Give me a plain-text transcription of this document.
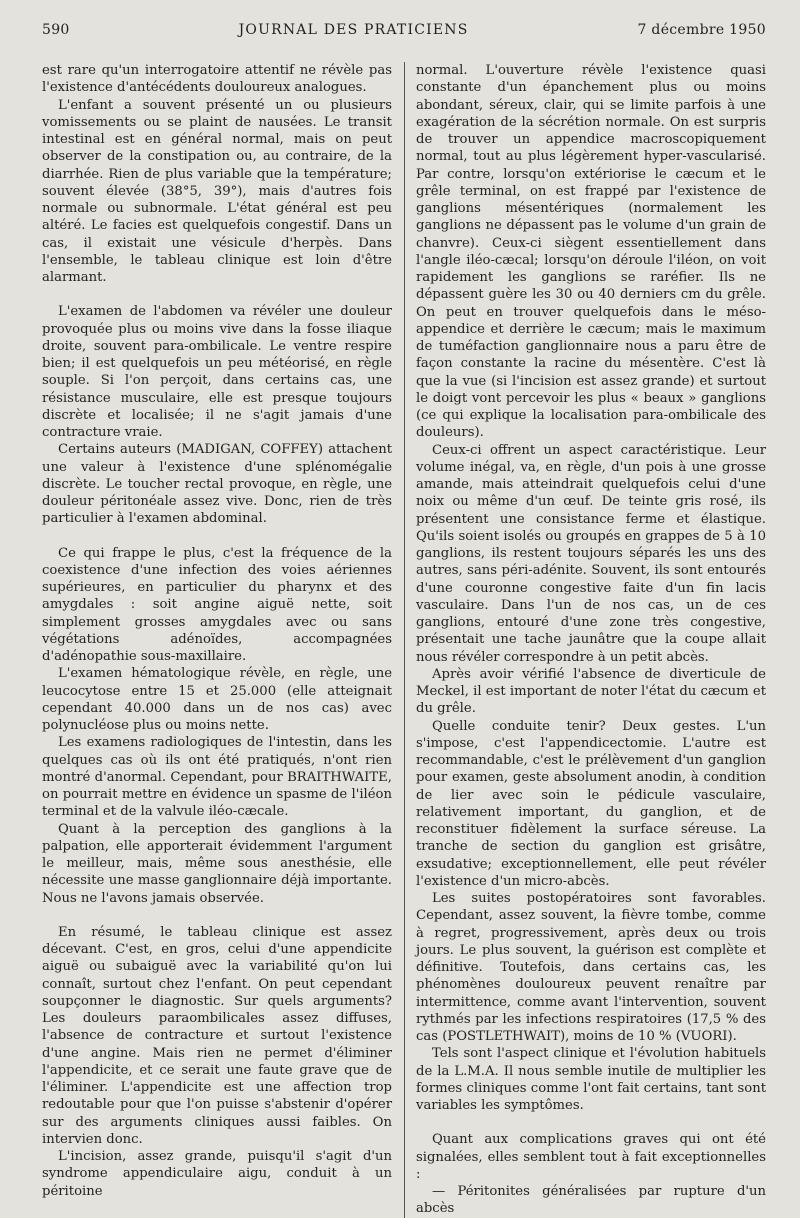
590	JOURNAL DES PRATICIENS	7 décembre 1950

est rare qu'un interrogatoire attentif ne révèle pas l'existence d'antécédents douloureux analogues.

L'enfant a souvent présenté un ou plusieurs vomissements ou se plaint de nausées. Le transit intestinal est en général normal, mais on peut observer de la constipation ou, au contraire, de la diarrhée. Rien de plus variable que la température; souvent élevée (38°5, 39°), mais d'autres fois normale ou subnormale. L'état général est peu altéré. Le facies est quelquefois congestif. Dans un cas, il existait une vésicule d'herpès. Dans l'ensemble, le tableau clinique est loin d'être alarmant.

L'examen de l'abdomen va révéler une douleur provoquée plus ou moins vive dans la fosse iliaque droite, souvent para-ombilicale. Le ventre respire bien; il est quelquefois un peu météorisé, en règle souple. Si l'on perçoit, dans certains cas, une résistance musculaire, elle est presque toujours discrète et localisée; il ne s'agit jamais d'une contracture vraie.

Certains auteurs (MADIGAN, COFFEY) attachent une valeur à l'existence d'une splénomégalie discrète. Le toucher rectal provoque, en règle, une douleur péritonéale assez vive. Donc, rien de très particulier à l'examen abdominal.

Ce qui frappe le plus, c'est la fréquence de la coexistence d'une infection des voies aériennes supérieures, en particulier du pharynx et des amygdales : soit angine aiguë nette, soit simplement grosses amygdales avec ou sans végétations adénoïdes, accompagnées d'adénopathie sous-maxillaire.

L'examen hématologique révèle, en règle, une leucocytose entre 15 et 25.000 (elle atteignait cependant 40.000 dans un de nos cas) avec polynucléose plus ou moins nette.

Les examens radiologiques de l'intestin, dans les quelques cas où ils ont été pratiqués, n'ont rien montré d'anormal. Cependant, pour BRAITHWAITE, on pourrait mettre en évidence un spasme de l'iléon terminal et de la valvule iléo-cæcale.

Quant à la perception des ganglions à la palpation, elle apporterait évidemment l'argument le meilleur, mais, même sous anesthésie, elle nécessite une masse ganglionnaire déjà importante. Nous ne l'avons jamais observée.

En résumé, le tableau clinique est assez décevant. C'est, en gros, celui d'une appendicite aiguë ou subaiguë avec la variabilité qu'on lui connaît, surtout chez l'enfant. On peut cependant soupçonner le diagnostic. Sur quels arguments? Les douleurs paraombilicales assez diffuses, l'absence de contracture et surtout l'existence d'une angine. Mais rien ne permet d'éliminer l'appendicite, et ce serait une faute grave que de l'éliminer. L'appendicite est une affection trop redoutable pour que l'on puisse s'abstenir d'opérer sur des arguments cliniques aussi faibles. On intervien donc.

L'incision, assez grande, puisqu'il s'agit d'un syndrome appendiculaire aigu, conduit à un péritoine

normal. L'ouverture révèle l'existence quasi constante d'un épanchement plus ou moins abondant, séreux, clair, qui se limite parfois à une exagération de la sécrétion normale. On est surpris de trouver un appendice macroscopiquement normal, tout au plus légèrement hyper-vascularisé. Par contre, lorsqu'on extériorise le cæcum et le grêle terminal, on est frappé par l'existence de ganglions mésentériques (normalement les ganglions ne dépassent pas le volume d'un grain de chanvre). Ceux-ci siègent essentiellement dans l'angle iléo-cæcal; lorsqu'on déroule l'iléon, on voit rapidement les ganglions se raréfier. Ils ne dépassent guère les 30 ou 40 derniers cm du grêle. On peut en trouver quelquefois dans le méso-appendice et derrière le cæcum; mais le maximum de tuméfaction ganglionnaire nous a paru être de façon constante la racine du mésentère. C'est là que la vue (si l'incision est assez grande) et surtout le doigt vont percevoir les plus « beaux » ganglions (ce qui explique la localisation para-ombilicale des douleurs).

Ceux-ci offrent un aspect caractéristique. Leur volume inégal, va, en règle, d'un pois à une grosse amande, mais atteindrait quelquefois celui d'une noix ou même d'un œuf. De teinte gris rosé, ils présentent une consistance ferme et élastique. Qu'ils soient isolés ou groupés en grappes de 5 à 10 ganglions, ils restent toujours séparés les uns des autres, sans péri-adénite. Souvent, ils sont entourés d'une couronne congestive faite d'un fin lacis vasculaire. Dans l'un de nos cas, un de ces ganglions, entouré d'une zone très congestive, présentait une tache jaunâtre que la coupe allait nous révéler correspondre à un petit abcès.

Après avoir vérifié l'absence de diverticule de Meckel, il est important de noter l'état du cæcum et du grêle.

Quelle conduite tenir? Deux gestes. L'un s'impose, c'est l'appendicectomie. L'autre est recommandable, c'est le prélèvement d'un ganglion pour examen, geste absolument anodin, à condition de lier avec soin le pédicule vasculaire, relativement important, du ganglion, et de reconstituer fidèlement la surface séreuse. La tranche de section du ganglion est grisâtre, exsudative; exceptionnellement, elle peut révéler l'existence d'un micro-abcès.

Les suites postopératoires sont favorables. Cependant, assez souvent, la fièvre tombe, comme à regret, progressivement, après deux ou trois jours. Le plus souvent, la guérison est complète et définitive. Toutefois, dans certains cas, les phénomènes douloureux peuvent renaître par intermittence, comme avant l'intervention, souvent rythmés par les infections respiratoires (17,5 % des cas (POSTLETHWAIT), moins de 10 % (VUORI).

Tels sont l'aspect clinique et l'évolution habituels de la L.M.A. Il nous semble inutile de multiplier les formes cliniques comme l'ont fait certains, tant sont variables les symptômes.

Quant aux complications graves qui ont été signalées, elles semblent tout à fait exceptionnelles :

— Péritonites généralisées par rupture d'un abcès
